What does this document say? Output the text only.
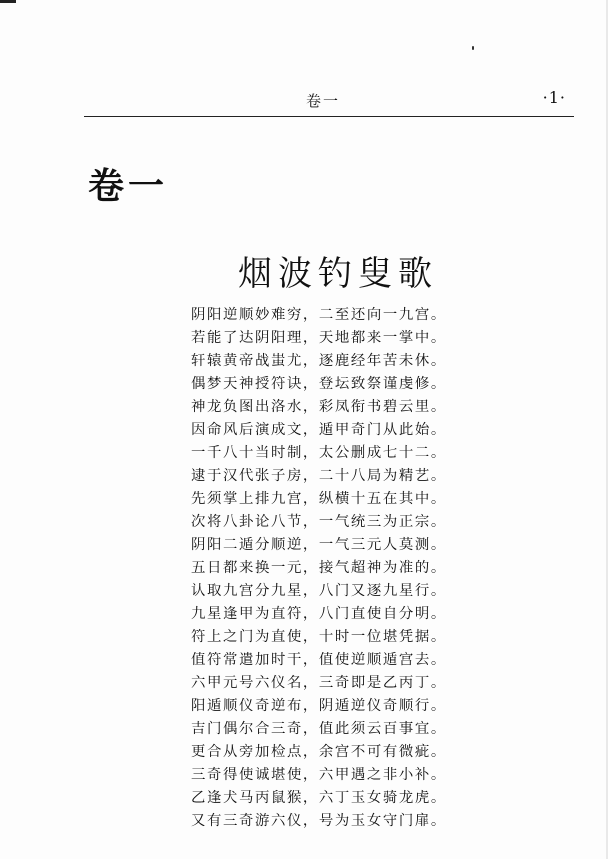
卷一	·1·
卷一
烟波钓叟歌
阴阳逆顺妙难穷，二至还向一九宫。
若能了达阴阳理，天地都来一掌中。
轩辕黄帝战蚩尤，逐鹿经年苦未休。
偶梦天神授符诀，登坛致祭谨虔修。
神龙负图出洛水，彩凤衔书碧云里。
因命风后演成文，遁甲奇门从此始。
一千八十当时制，太公删成七十二。
逮于汉代张子房，二十八局为精艺。
先须掌上排九宫，纵横十五在其中。
次将八卦论八节，一气统三为正宗。
阴阳二遁分顺逆，一气三元人莫测。
五日都来换一元，接气超神为准的。
认取九宫分九星，八门又逐九星行。
九星逢甲为直符，八门直使自分明。
符上之门为直使，十时一位堪凭据。
值符常遣加时干，值使逆顺遁宫去。
六甲元号六仪名，三奇即是乙丙丁。
阳遁顺仪奇逆布，阴遁逆仪奇顺行。
吉门偶尔合三奇，值此须云百事宜。
更合从旁加检点，余宫不可有微疵。
三奇得使诚堪使，六甲遇之非小补。
乙逢犬马丙鼠猴，六丁玉女骑龙虎。
又有三奇游六仪，号为玉女守门扉。
